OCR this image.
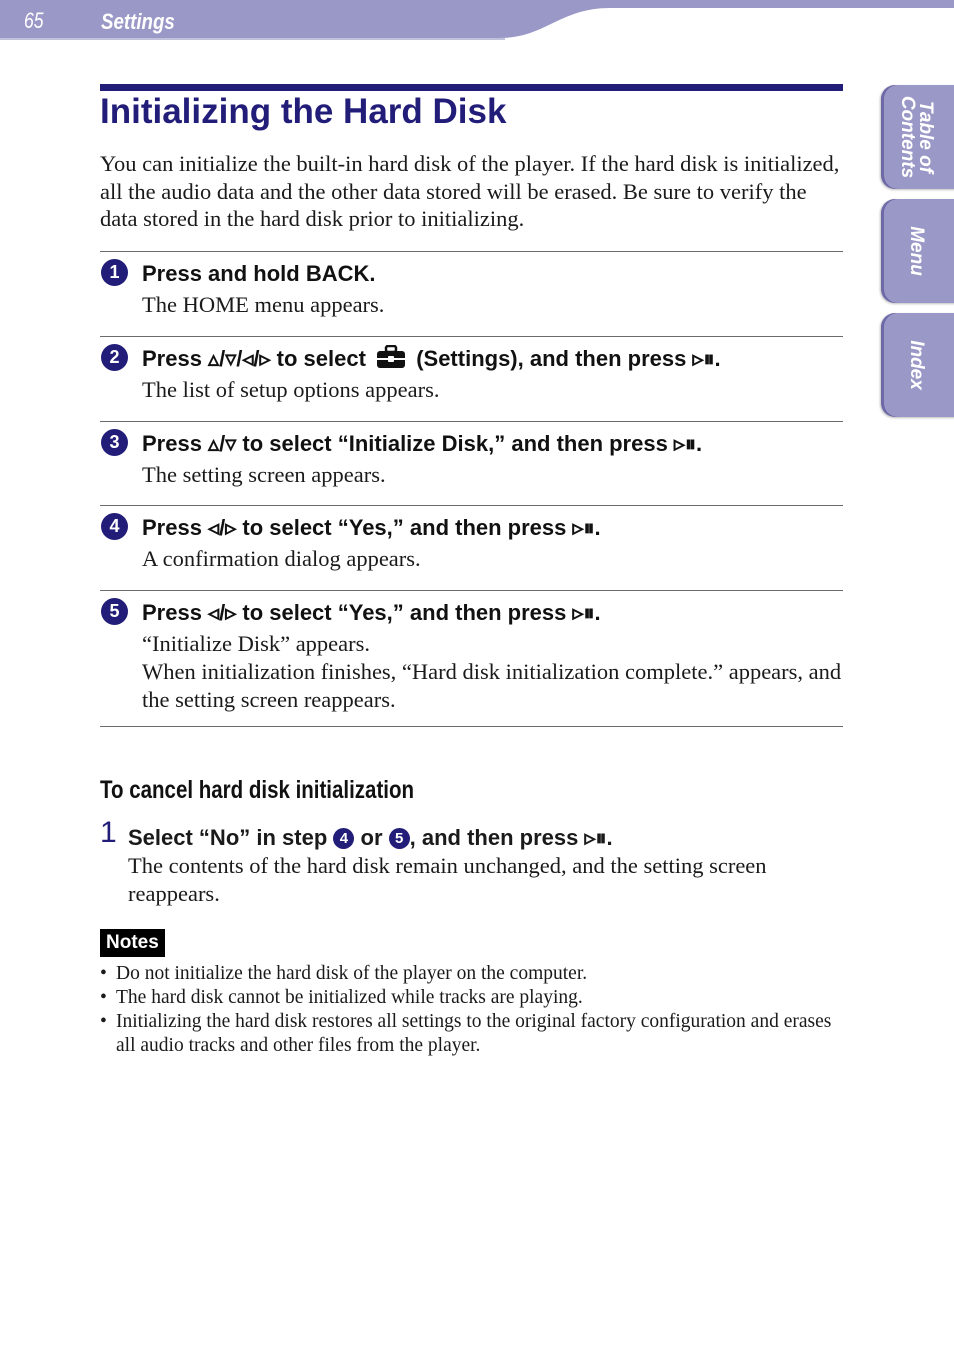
65	Settings
Table of
Contents
Menu
Index
Initializing the Hard Disk

You can initialize the built-in hard disk of the player. If the hard disk is initialized, all the audio data and the other data stored will be erased. Be sure to verify the data stored in the hard disk prior to initializing.

1	Press and hold BACK.

The HOME menu appears.

2	Press ▵/▿/◃/▹ to select (Settings), and then press ▹⏸.

The list of setup options appears.

3	Press ▵/▿ to select “Initialize Disk,” and then press ▹⏸.

The setting screen appears.

4	Press ◃/▹ to select “Yes,” and then press ▹⏸.

A confirmation dialog appears.

5	Press ◃/▹ to select “Yes,” and then press ▹⏸.

“Initialize Disk” appears.

When initialization finishes, “Hard disk initialization complete.” appears, and the setting screen reappears.

To cancel hard disk initialization
1 Select “No” in step 4 or 5 , and then press ▹⏸.

The contents of the hard disk remain unchanged, and the setting screen reappears.

Notes
• Do not initialize the hard disk of the player on the computer.
• The hard disk cannot be initialized while tracks are playing.
• Initializing the hard disk restores all settings to the original factory configuration and erases all audio tracks and other files from the player.
